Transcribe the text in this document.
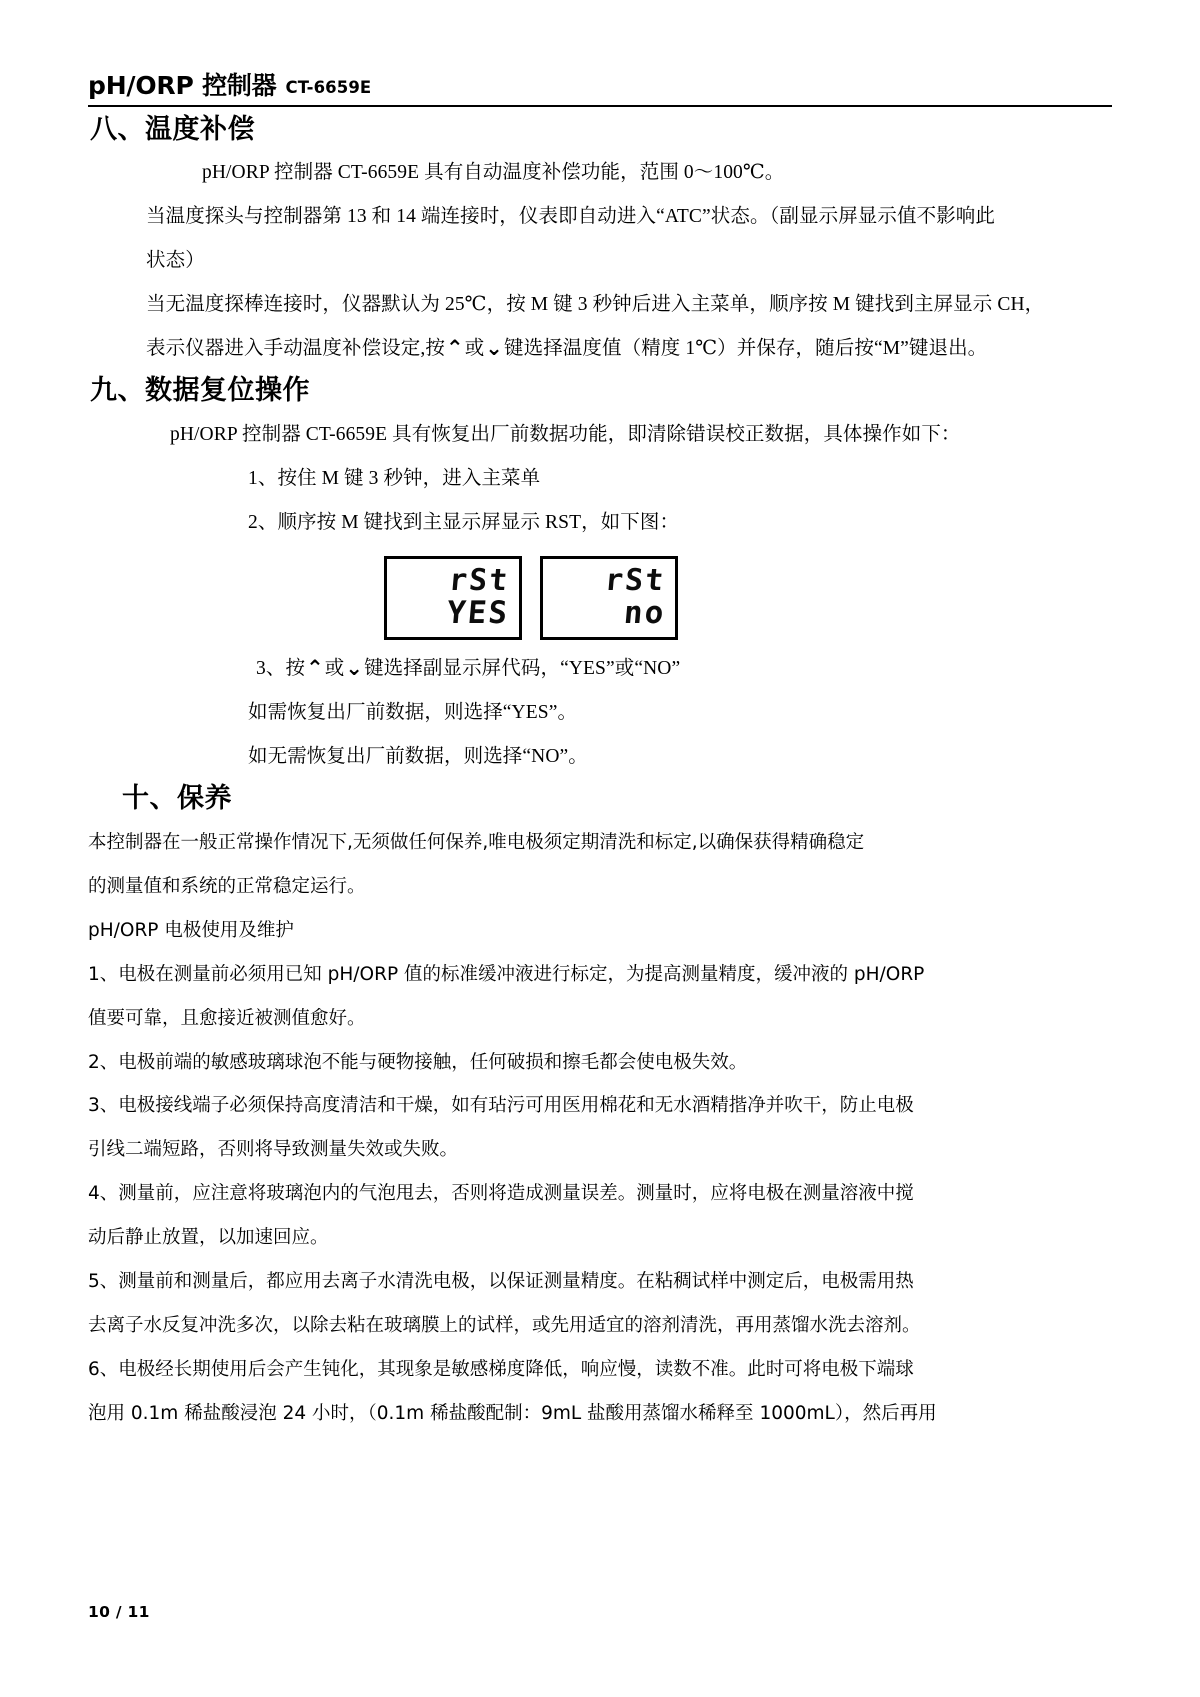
pH/ORP 控制器 CT-6659E
八、温度补偿

pH/ORP 控制器 CT-6659E 具有自动温度补偿功能，范围 0～100℃。

当温度探头与控制器第 13 和 14 端连接时，仪表即自动进入“ATC”状态。（副显示屏显示值不影响此

状态）

当无温度探棒连接时，仪器默认为 25℃，按 M 键 3 秒钟后进入主菜单，顺序按 M 键找到主屏显示 CH，

表示仪器进入手动温度补偿设定,按⌃或⌄键选择温度值（精度 1℃）并保存，随后按“M”键退出。

九、数据复位操作

pH/ORP 控制器 CT-6659E 具有恢复出厂前数据功能，即清除错误校正数据，具体操作如下：

1、按住 M 键 3 秒钟，进入主菜单

2、顺序按 M 键找到主显示屏显示 RST，如下图：

rSt
YES
rSt
no

3、按⌃或⌄键选择副显示屏代码，“YES”或“NO”

如需恢复出厂前数据，则选择“YES”。

如无需恢复出厂前数据，则选择“NO”。

十、保养

本控制器在一般正常操作情况下,无须做任何保养,唯电极须定期清洗和标定,以确保获得精确稳定

的测量值和系统的正常稳定运行。

pH/ORP 电极使用及维护

1、电极在测量前必须用已知 pH/ORP 值的标准缓冲液进行标定，为提高测量精度，缓冲液的 pH/ORP

值要可靠，且愈接近被测值愈好。

2、电极前端的敏感玻璃球泡不能与硬物接触，任何破损和擦毛都会使电极失效。

3、电极接线端子必须保持高度清洁和干燥，如有玷污可用医用棉花和无水酒精揩净并吹干，防止电极

引线二端短路，否则将导致测量失效或失败。

4、测量前，应注意将玻璃泡内的气泡甩去，否则将造成测量误差。测量时，应将电极在测量溶液中搅

动后静止放置，以加速回应。

5、测量前和测量后，都应用去离子水清洗电极，以保证测量精度。在粘稠试样中测定后，电极需用热

去离子水反复冲洗多次，以除去粘在玻璃膜上的试样，或先用适宜的溶剂清洗，再用蒸馏水洗去溶剂。

6、电极经长期使用后会产生钝化，其现象是敏感梯度降低，响应慢，读数不准。此时可将电极下端球

泡用 0.1m 稀盐酸浸泡 24 小时，（0.1m 稀盐酸配制：9mL 盐酸用蒸馏水稀释至 1000mL），然后再用

10 / 11
